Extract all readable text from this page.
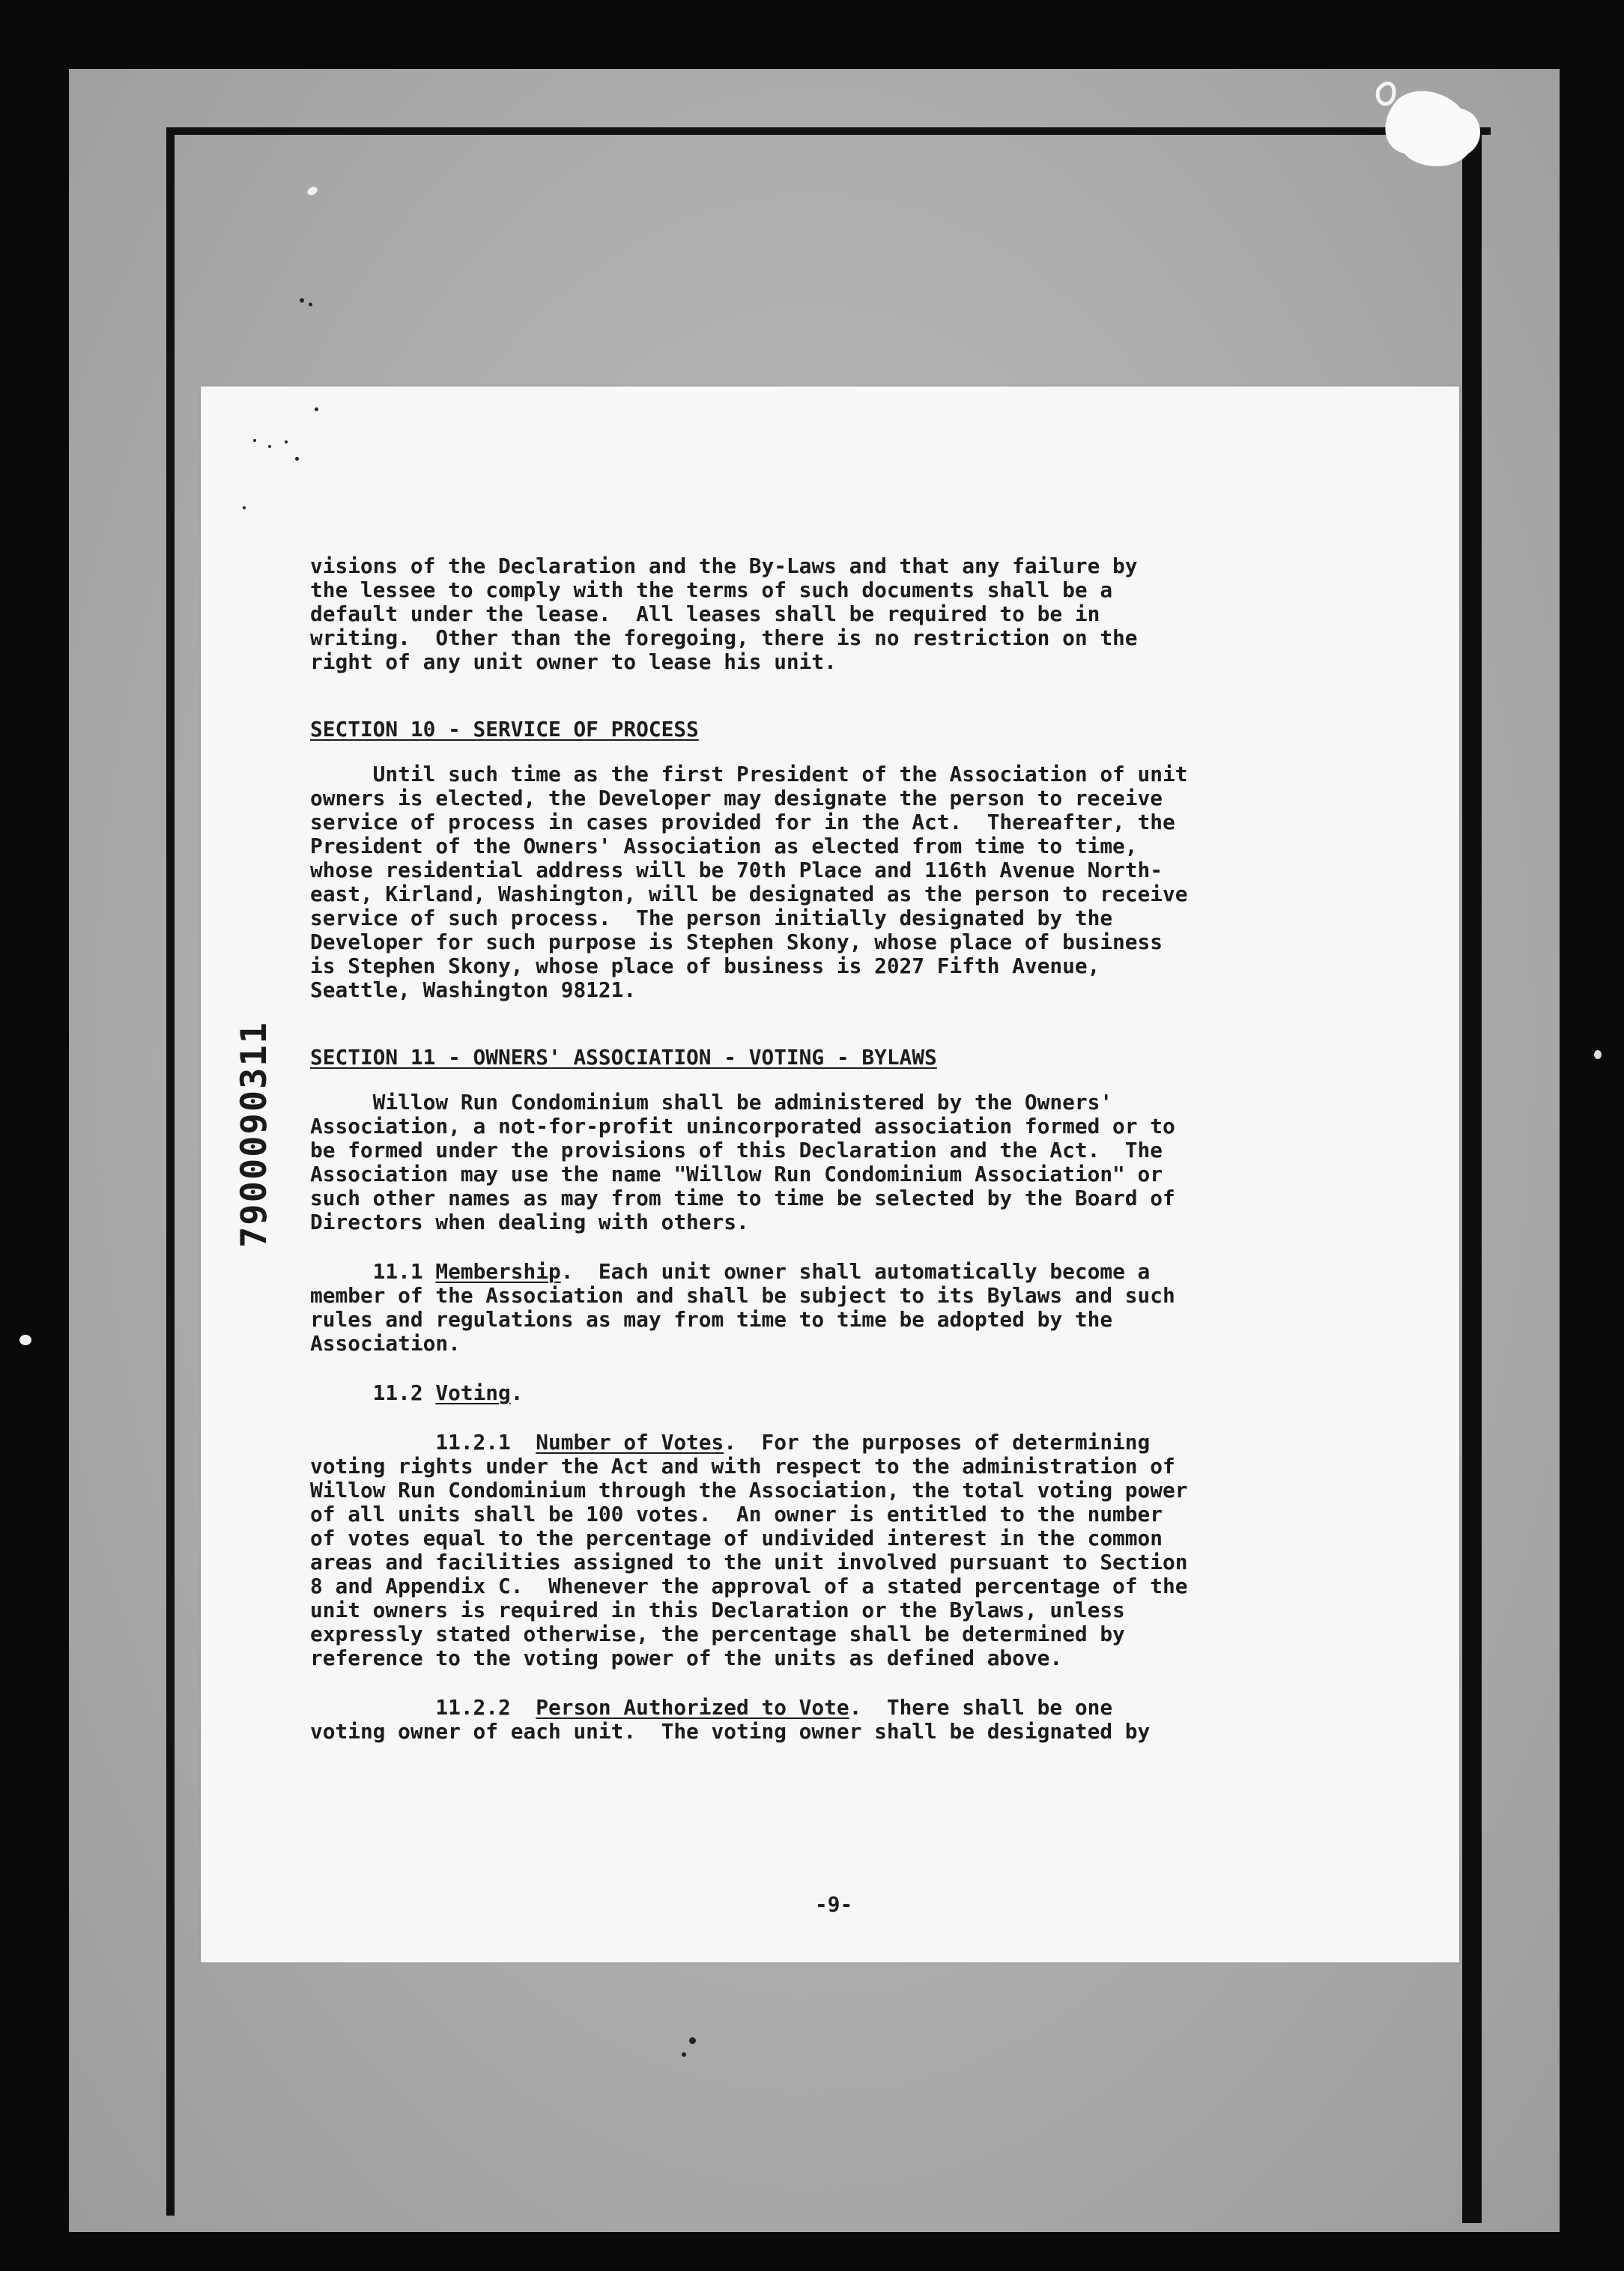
7900090311

visions of the Declaration and the By-Laws and that any failure by

the lessee to comply with the terms of such documents shall be a

default under the lease.  All leases shall be required to be in

writing.  Other than the foregoing, there is no restriction on the

right of any unit owner to lease his unit.

SECTION 10 - SERVICE OF PROCESS

Until such time as the first President of the Association of unit

owners is elected, the Developer may designate the person to receive

service of process in cases provided for in the Act.  Thereafter, the

President of the Owners' Association as elected from time to time,

whose residential address will be 70th Place and 116th Avenue North-

east, Kirland, Washington, will be designated as the person to receive

service of such process.  The person initially designated by the

Developer for such purpose is Stephen Skony, whose place of business

is Stephen Skony, whose place of business is 2027 Fifth Avenue,

Seattle, Washington 98121.

SECTION 11 - OWNERS' ASSOCIATION - VOTING - BYLAWS

Willow Run Condominium shall be administered by the Owners'

Association, a not-for-profit unincorporated association formed or to

be formed under the provisions of this Declaration and the Act.  The

Association may use the name "Willow Run Condominium Association" or

such other names as may from time to time be selected by the Board of

Directors when dealing with others.

11.1 Membership.  Each unit owner shall automatically become a

member of the Association and shall be subject to its Bylaws and such

rules and regulations as may from time to time be adopted by the

Association.

11.2 Voting.

11.2.1  Number of Votes.  For the purposes of determining

voting rights under the Act and with respect to the administration of

Willow Run Condominium through the Association, the total voting power

of all units shall be 100 votes.  An owner is entitled to the number

of votes equal to the percentage of undivided interest in the common

areas and facilities assigned to the unit involved pursuant to Section

8 and Appendix C.  Whenever the approval of a stated percentage of the

unit owners is required in this Declaration or the Bylaws, unless

expressly stated otherwise, the percentage shall be determined by

reference to the voting power of the units as defined above.

11.2.2  Person Authorized to Vote.  There shall be one

voting owner of each unit.  The voting owner shall be designated by

-9-
